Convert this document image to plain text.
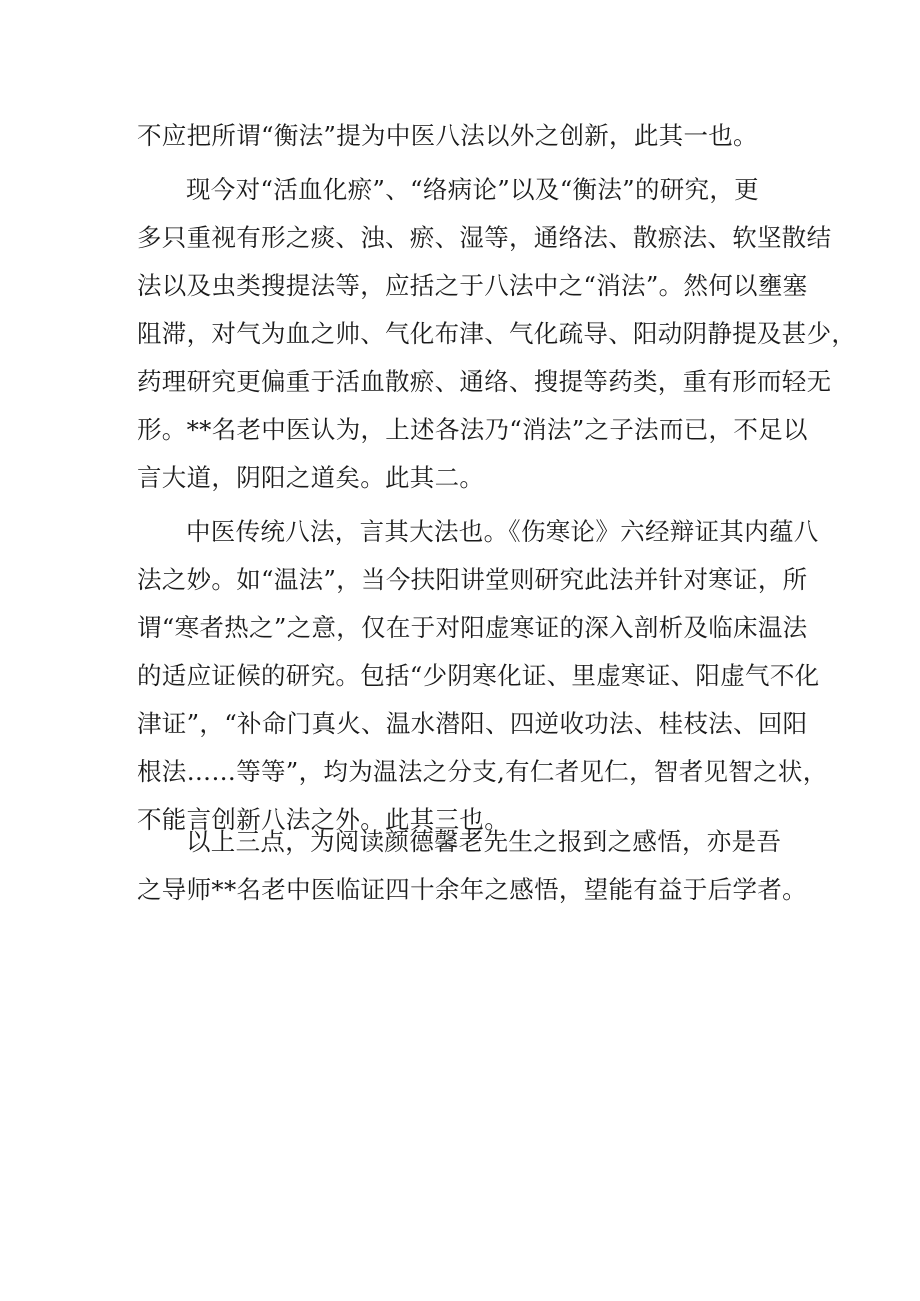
不应把所谓“衡法”提为中医八法以外之创新，此其一也。
现今对“活血化瘀”、“络病论”以及“衡法”的研究，更
多只重视有形之痰、浊、瘀、湿等，通络法、散瘀法、软坚散结
法以及虫类搜提法等，应括之于八法中之“消法”。然何以壅塞
阻滞，对气为血之帅、气化布津、气化疏导、阳动阴静提及甚少，
药理研究更偏重于活血散瘀、通络、搜提等药类，重有形而轻无
形。**名老中医认为，上述各法乃“消法”之子法而已，不足以
言大道，阴阳之道矣。此其二。
中医传统八法，言其大法也。《伤寒论》六经辩证其内蕴八
法之妙。如“温法”，当今扶阳讲堂则研究此法并针对寒证，所
谓“寒者热之”之意，仅在于对阳虚寒证的深入剖析及临床温法
的适应证候的研究。包括“少阴寒化证、里虚寒证、阳虚气不化
津证”，“补命门真火、温水潜阳、四逆收功法、桂枝法、回阳
根法……等等”，均为温法之分支,有仁者见仁，智者见智之状，
不能言创新八法之外。此其三也。
以上三点，为阅读颜德馨老先生之报到之感悟，亦是吾
之导师**名老中医临证四十余年之感悟，望能有益于后学者。
